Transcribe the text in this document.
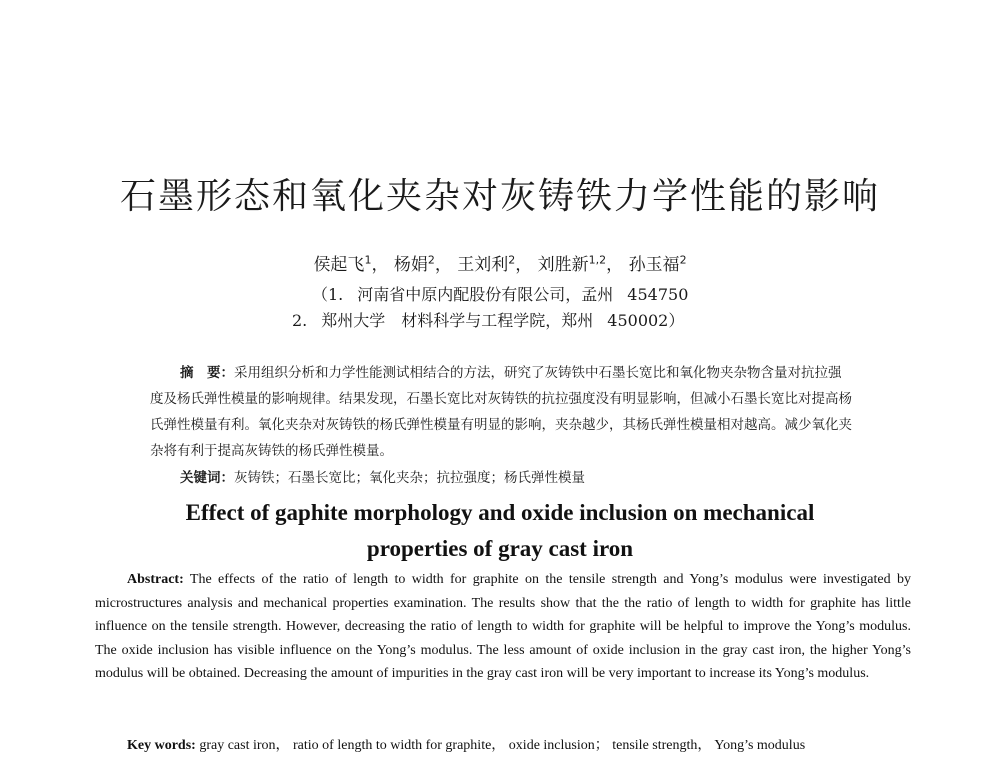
石墨形态和氧化夹杂对灰铸铁力学性能的影响
侯起飞$^1$， 杨娟$^2$， 王刘利$^2$， 刘胜新$^{1,2}$， 孙玉福$^2$
（1. 河南省中原内配股份有限公司，孟州 454750
2. 郑州大学　材料科学与工程学院，郑州 450002）
摘　要：采用组织分析和力学性能测试相结合的方法，研究了灰铸铁中石墨长宽比和氧化物夹杂物含量对抗拉强度及杨氏弹性模量的影响规律。结果发现，石墨长宽比对灰铸铁的抗拉强度没有明显影响，但减小石墨长宽比对提高杨氏弹性模量有利。氧化夹杂对灰铸铁的杨氏弹性模量有明显的影响，夹杂越少，其杨氏弹性模量相对越高。减少氧化夹杂将有利于提高灰铸铁的杨氏弹性模量。
关键词：灰铸铁；石墨长宽比；氧化夹杂；抗拉强度；杨氏弹性模量
Effect of gaphite morphology and oxide inclusion on mechanical
properties of gray cast iron
Abstract: The effects of the ratio of length to width for graphite on the tensile strength and Yong’s modulus were investigated by microstructures analysis and mechanical properties examination. The results show that the the ratio of length to width for graphite has little influence on the tensile strength. However, decreasing the ratio of length to width for graphite will be helpful to improve the Yong’s modulus. The oxide inclusion has visible influence on the Yong’s modulus. The less amount of oxide inclusion in the gray cast iron, the higher Yong’s modulus will be obtained. Decreasing the amount of impurities in the gray cast iron will be very important to increase its Yong’s modulus.
Key words: gray cast iron， ratio of length to width for graphite， oxide inclusion； tensile strength， Yong’s modulus
